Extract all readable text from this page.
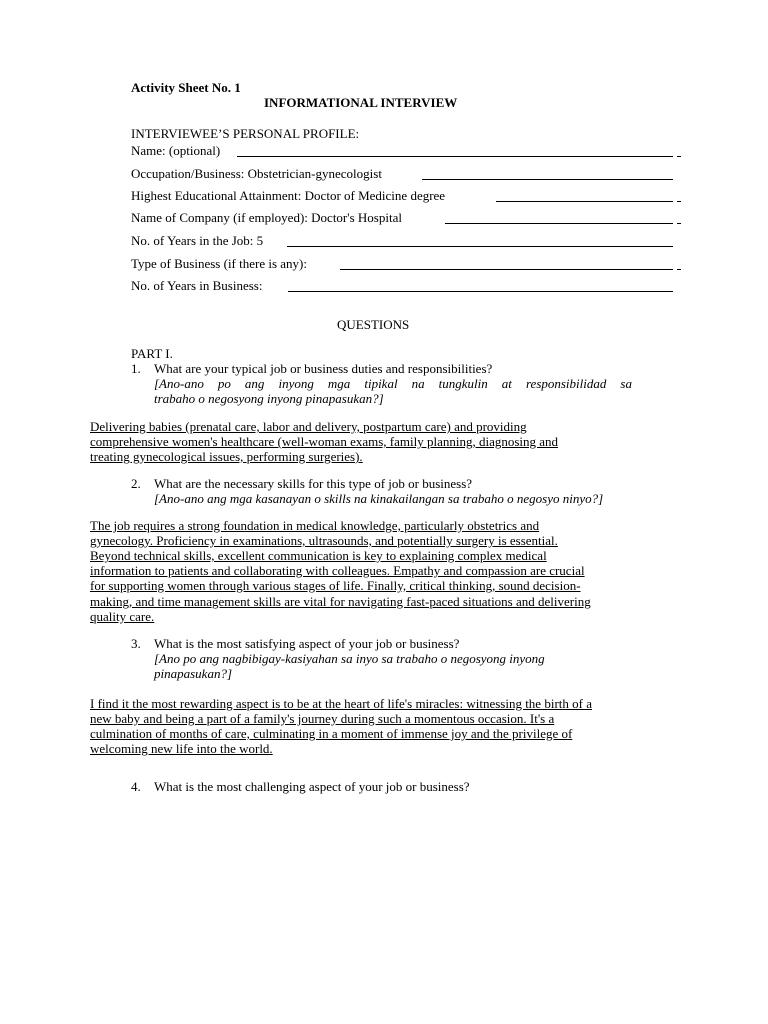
Activity Sheet No. 1
INFORMATIONAL INTERVIEW
INTERVIEWEE’S PERSONAL PROFILE:
Name: (optional)
Occupation/Business: Obstetrician-gynecologist
Highest Educational Attainment: Doctor of Medicine degree
Name of Company (if employed): Doctor's Hospital
No. of Years in the Job: 5
Type of Business (if there is any):
No. of Years in Business:
QUESTIONS
PART I.
1. What are your typical job or business duties and responsibilities?
[Ano-ano po ang inyong mga tipikal na tungkulin at responsibilidad sa
trabaho o negosyong inyong pinapasukan?]
Delivering babies (prenatal care, labor and delivery, postpartum care) and providing
comprehensive women's healthcare (well-woman exams, family planning, diagnosing and
treating gynecological issues, performing surgeries).
2. What are the necessary skills for this type of job or business?
[Ano-ano ang mga kasanayan o skills na kinakailangan sa trabaho o negosyo ninyo?]
The job requires a strong foundation in medical knowledge, particularly obstetrics and
gynecology. Proficiency in examinations, ultrasounds, and potentially surgery is essential.
Beyond technical skills, excellent communication is key to explaining complex medical
information to patients and collaborating with colleagues. Empathy and compassion are crucial
for supporting women through various stages of life. Finally, critical thinking, sound decision-
making, and time management skills are vital for navigating fast-paced situations and delivering
quality care.
3. What is the most satisfying aspect of your job or business?
[Ano po ang nagbibigay-kasiyahan sa inyo sa trabaho o negosyong inyong
pinapasukan?]
I find it the most rewarding aspect is to be at the heart of life's miracles: witnessing the birth of a
new baby and being a part of a family's journey during such a momentous occasion. It's a
culmination of months of care, culminating in a moment of immense joy and the privilege of
welcoming new life into the world.
4. What is the most challenging aspect of your job or business?
